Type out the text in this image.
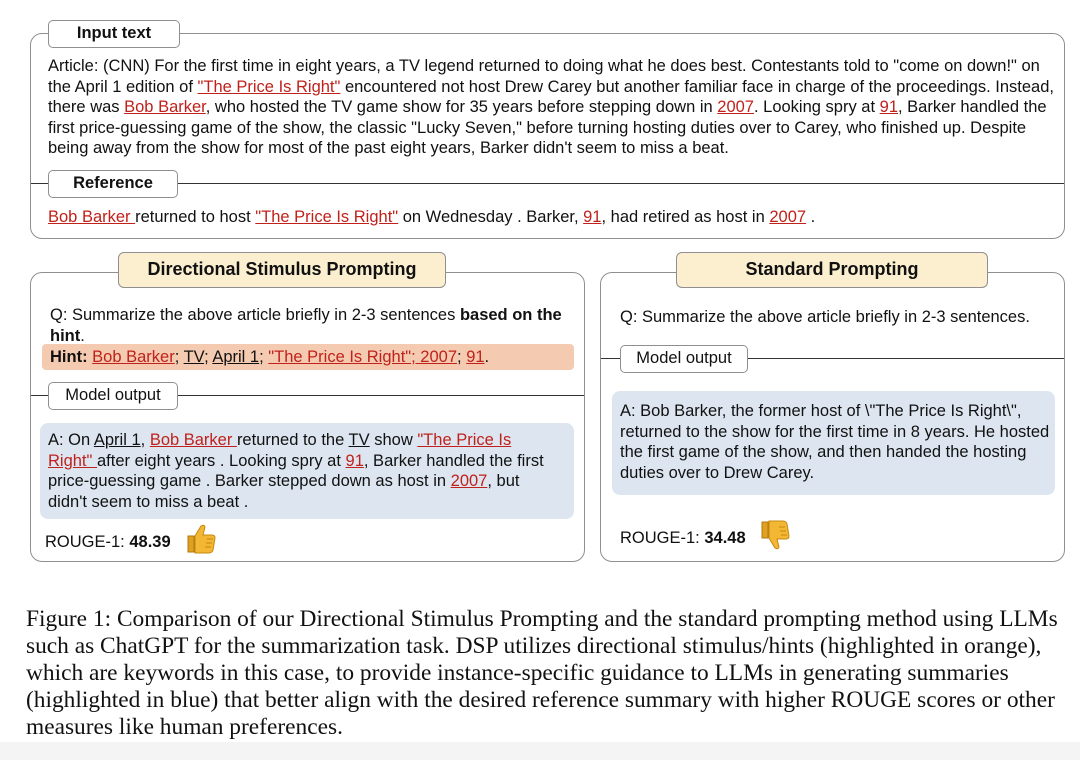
Input text
Article: (CNN) For the first time in eight years, a TV legend returned to doing what he does best. Contestants told to "come on down!" on the April 1 edition of "The Price Is Right" encountered not host Drew Carey but another familiar face in charge of the proceedings. Instead, there was Bob Barker, who hosted the TV game show for 35 years before stepping down in 2007. Looking spry at 91, Barker handled the first price-guessing game of the show, the classic "Lucky Seven," before turning hosting duties over to Carey, who finished up. Despite being away from the show for most of the past eight years, Barker didn't seem to miss a beat.
Reference
Bob Barker returned to host "The Price Is Right" on Wednesday . Barker, 91, had retired as host in 2007 .
Directional Stimulus Prompting
Q: Summarize the above article briefly in 2-3 sentences based on the hint.
Hint: Bob Barker; TV; April 1; "The Price Is Right"; 2007; 91.
Model output
A: On April 1, Bob Barker returned to the TV show "The Price Is Right" after eight years . Looking spry at 91, Barker handled the first price-guessing game . Barker stepped down as host in 2007, but didn't seem to miss a beat .
ROUGE-1: 48.39
Standard Prompting
Q: Summarize the above article briefly in 2-3 sentences.
Model output
A: Bob Barker, the former host of \"The Price Is Right\", returned to the show for the first time in 8 years. He hosted the first game of the show, and then handed the hosting duties over to Drew Carey.
ROUGE-1: 34.48
Figure 1: Comparison of our Directional Stimulus Prompting and the standard prompting method using LLMs such as ChatGPT for the summarization task. DSP utilizes directional stimulus/hints (highlighted in orange), which are keywords in this case, to provide instance-specific guidance to LLMs in generating summaries (highlighted in blue) that better align with the desired reference summary with higher ROUGE scores or other measures like human preferences.
